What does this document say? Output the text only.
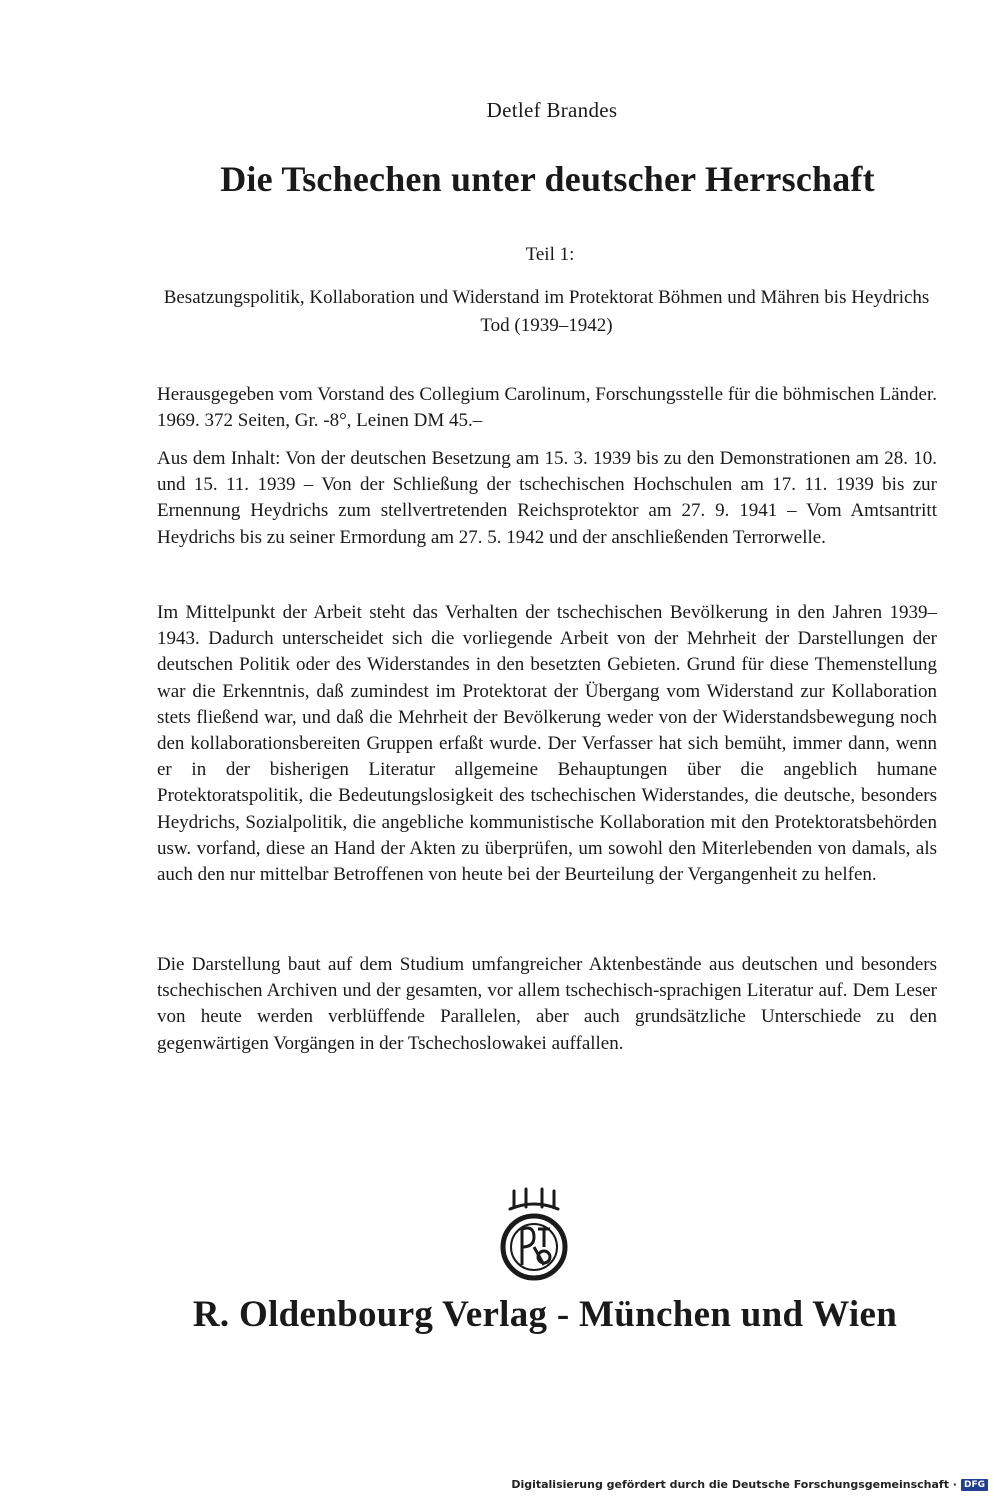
Detlef Brandes
Die Tschechen unter deutscher Herrschaft
Teil 1:
Besatzungspolitik, Kollaboration und Widerstand im Protektorat Böhmen und Mähren bis Heydrichs Tod (1939–1942)
Herausgegeben vom Vorstand des Collegium Carolinum, Forschungsstelle für die böhmischen Länder. 1969. 372 Seiten, Gr. -8°, Leinen DM 45.–
Aus dem Inhalt: Von der deutschen Besetzung am 15. 3. 1939 bis zu den Demonstrationen am 28. 10. und 15. 11. 1939 – Von der Schließung der tschechischen Hochschulen am 17. 11. 1939 bis zur Ernennung Heydrichs zum stellvertretenden Reichsprotektor am 27. 9. 1941 – Vom Amtsantritt Heydrichs bis zu seiner Ermordung am 27. 5. 1942 und der anschließenden Terrorwelle.
Im Mittelpunkt der Arbeit steht das Verhalten der tschechischen Bevölkerung in den Jahren 1939–1943. Dadurch unterscheidet sich die vorliegende Arbeit von der Mehrheit der Darstellungen der deutschen Politik oder des Widerstandes in den besetzten Gebieten. Grund für diese Themenstellung war die Erkenntnis, daß zumindest im Protektorat der Übergang vom Widerstand zur Kollaboration stets fließend war, und daß die Mehrheit der Bevölkerung weder von der Widerstandsbewegung noch den kollaborationsbereiten Gruppen erfaßt wurde. Der Verfasser hat sich bemüht, immer dann, wenn er in der bisherigen Literatur allgemeine Behauptungen über die angeblich humane Protektoratspolitik, die Bedeutungslosigkeit des tschechischen Widerstandes, die deutsche, besonders Heydrichs, Sozialpolitik, die angebliche kommunistische Kollaboration mit den Protektoratsbehörden usw. vorfand, diese an Hand der Akten zu überprüfen, um sowohl den Miterlebenden von damals, als auch den nur mittelbar Betroffenen von heute bei der Beurteilung der Vergangenheit zu helfen.
Die Darstellung baut auf dem Studium umfangreicher Aktenbestände aus deutschen und besonders tschechischen Archiven und der gesamten, vor allem tschechisch-sprachigen Literatur auf. Dem Leser von heute werden verblüffende Parallelen, aber auch grundsätzliche Unterschiede zu den gegenwärtigen Vorgängen in der Tschechoslowakei auffallen.
R. Oldenbourg Verlag - München und Wien
Digitalisierung gefördert durch die Deutsche Forschungsgemeinschaft · DFG
